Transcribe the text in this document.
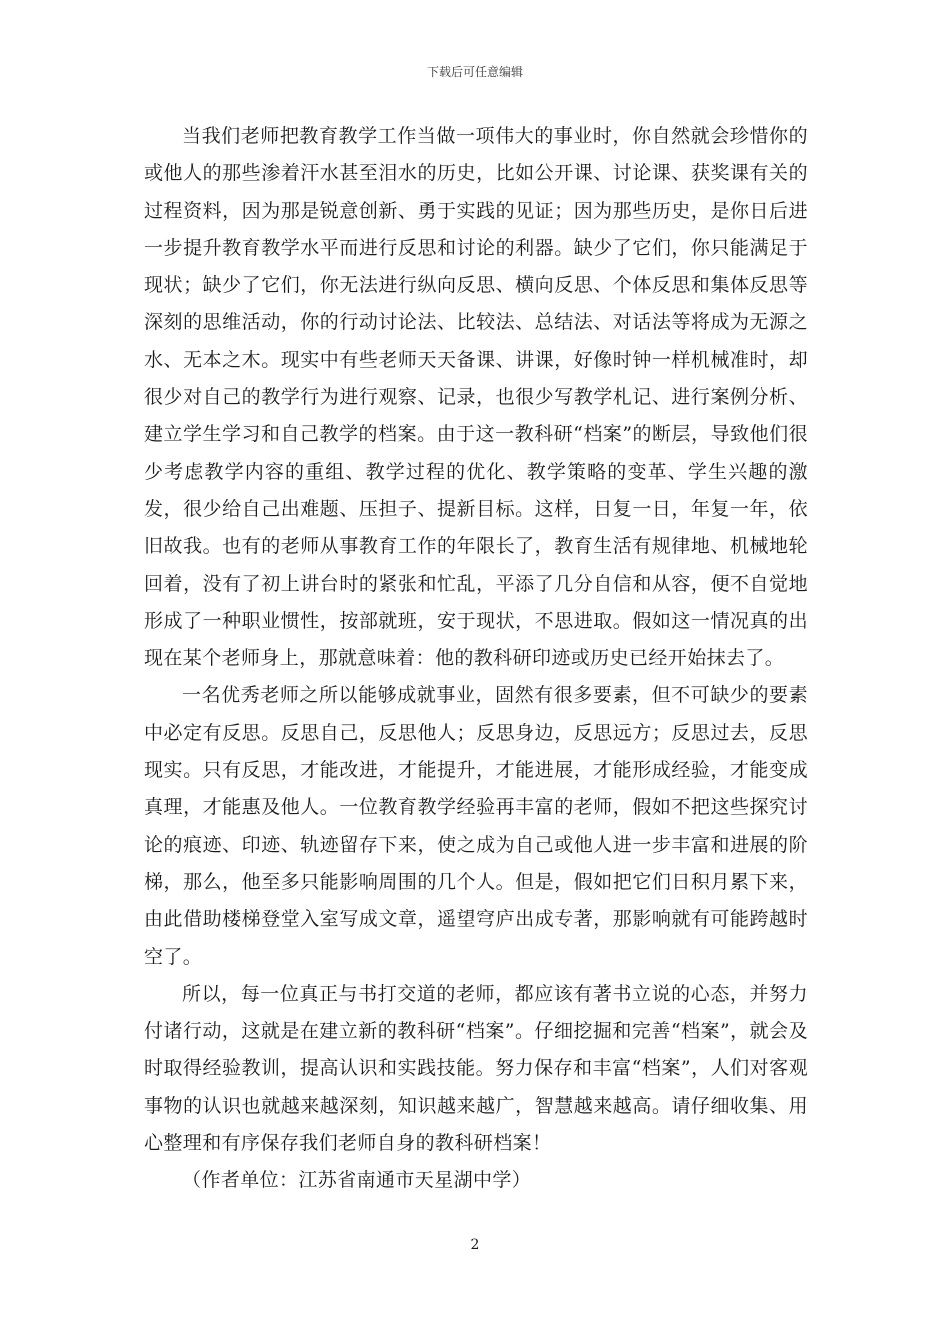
下载后可任意编辑

当我们老师把教育教学工作当做一项伟大的事业时，你自然就会珍惜你的或他人的那些渗着汗水甚至泪水的历史，比如公开课、讨论课、获奖课有关的过程资料，因为那是锐意创新、勇于实践的见证；因为那些历史，是你日后进一步提升教育教学水平而进行反思和讨论的利器。缺少了它们，你只能满足于现状；缺少了它们，你无法进行纵向反思、横向反思、个体反思和集体反思等深刻的思维活动，你的行动讨论法、比较法、总结法、对话法等将成为无源之水、无本之木。现实中有些老师天天备课、讲课，好像时钟一样机械准时，却很少对自己的教学行为进行观察、记录，也很少写教学札记、进行案例分析、建立学生学习和自己教学的档案。由于这一教科研“档案”的断层，导致他们很少考虑教学内容的重组、教学过程的优化、教学策略的变革、学生兴趣的激发，很少给自己出难题、压担子、提新目标。这样，日复一日，年复一年，依旧故我。也有的老师从事教育工作的年限长了，教育生活有规律地、机械地轮回着，没有了初上讲台时的紧张和忙乱，平添了几分自信和从容，便不自觉地形成了一种职业惯性，按部就班，安于现状，不思进取。假如这一情况真的出现在某个老师身上，那就意味着：他的教科研印迹或历史已经开始抹去了。

一名优秀老师之所以能够成就事业，固然有很多要素，但不可缺少的要素中必定有反思。反思自己，反思他人；反思身边，反思远方；反思过去，反思现实。只有反思，才能改进，才能提升，才能进展，才能形成经验，才能变成真理，才能惠及他人。一位教育教学经验再丰富的老师，假如不把这些探究讨论的痕迹、印迹、轨迹留存下来，使之成为自己或他人进一步丰富和进展的阶梯，那么，他至多只能影响周围的几个人。但是，假如把它们日积月累下来，由此借助楼梯登堂入室写成文章，遥望穹庐出成专著，那影响就有可能跨越时空了。

所以，每一位真正与书打交道的老师，都应该有著书立说的心态，并努力付诸行动，这就是在建立新的教科研“档案”。仔细挖掘和完善“档案”，就会及时取得经验教训，提高认识和实践技能。努力保存和丰富“档案”，人们对客观事物的认识也就越来越深刻，知识越来越广，智慧越来越高。请仔细收集、用心整理和有序保存我们老师自身的教科研档案！

（作者单位：江苏省南通市天星湖中学）

2
